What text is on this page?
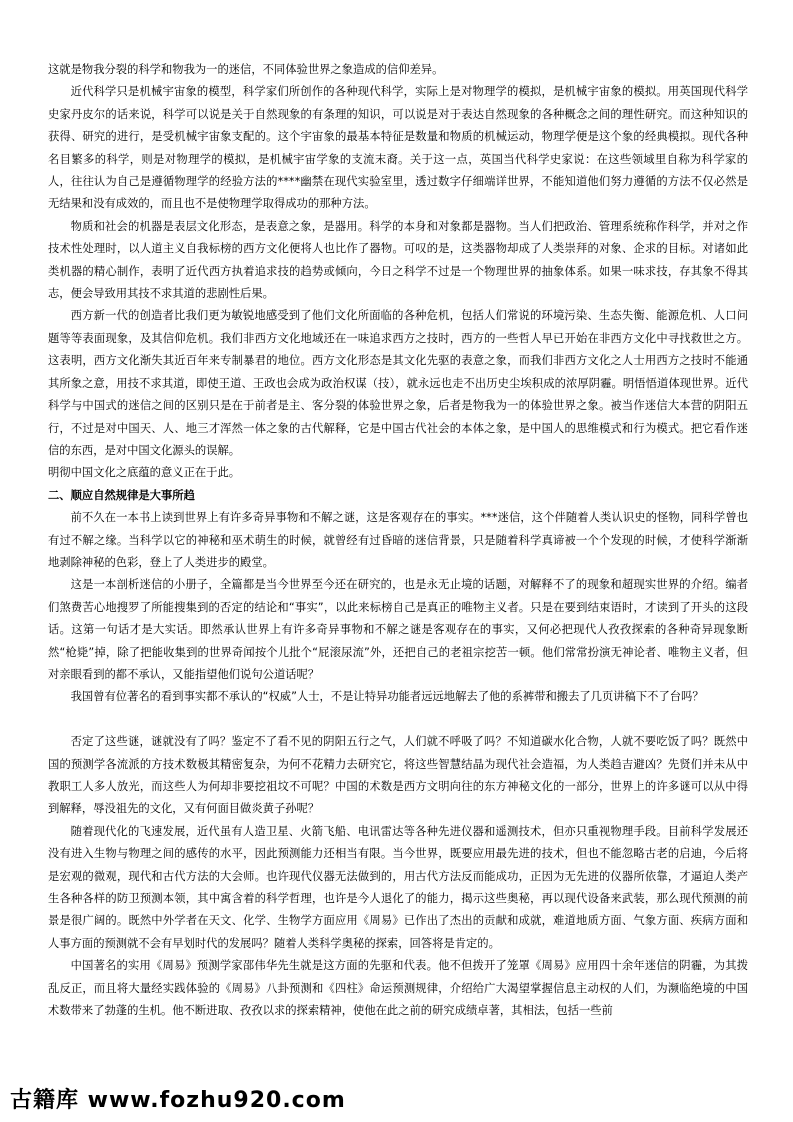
这就是物我分裂的科学和物我为一的迷信，不同体验世界之象造成的信仰差异。

近代科学只是机械宇宙象的模型，科学家们所创作的各种现代科学，实际上是对物理学的模拟，是机械宇宙象的模拟。用英国现代科学史家丹皮尔的话来说，科学可以说是关于自然现象的有条理的知识，可以说是对于表达自然现象的各种概念之间的理性研究。而这种知识的获得、研究的进行，是受机械宇宙象支配的。这个宇宙象的最基本特征是数量和物质的机械运动，物理学便是这个象的经典模拟。现代各种名目繁多的科学，则是对物理学的模拟，是机械宇宙学象的支流末裔。关于这一点，英国当代科学史家说：在这些领域里自称为科学家的人，往往认为自己是遵循物理学的经验方法的****幽禁在现代实验室里，透过数字仔细端详世界，不能知道他们努力遵循的方法不仅必然是无结果和没有成效的，而且也不是使物理学取得成功的那种方法。

物质和社会的机器是表层文化形态，是表意之象，是器用。科学的本身和对象都是器物。当人们把政治、管理系统称作科学，并对之作技术性处理时，以人道主义自我标榜的西方文化便将人也比作了器物。可叹的是，这类器物却成了人类崇拜的对象、企求的目标。对诸如此类机器的精心制作，表明了近代西方执着追求技的趋势或倾向，今日之科学不过是一个物理世界的抽象体系。如果一味求技，存其象不得其志，便会导致用其技不求其道的悲剧性后果。

西方新一代的创造者比我们更为敏锐地感受到了他们文化所面临的各种危机，包括人们常说的环境污染、生态失衡、能源危机、人口问题等等表面现象，及其信仰危机。我们非西方文化地域还在一味追求西方之技时，西方的一些哲人早已开始在非西方文化中寻找救世之方。这表明，西方文化渐失其近百年来专制暴君的地位。西方文化形态是其文化先驱的表意之象，而我们非西方文化之人士用西方之技时不能通其所象之意，用技不求其道，即使王道、王政也会成为政治权谋（技），就永远也走不出历史尘埃积成的浓厚阴霾。明悟悟道体现世界。近代科学与中国式的迷信之间的区别只是在于前者是主、客分裂的体验世界之象，后者是物我为一的体验世界之象。被当作迷信大本营的阴阳五行，不过是对中国天、人、地三才浑然一体之象的古代解释，它是中国古代社会的本体之象，是中国人的思维模式和行为模式。把它看作迷信的东西，是对中国文化源头的误解。

明彻中国文化之底蕴的意义正在于此。

二、顺应自然规律是大事所趋

前不久在一本书上读到世界上有许多奇异事物和不解之谜，这是客观存在的事实。***迷信，这个伴随着人类认识史的怪物，同科学曾也有过不解之缘。当科学以它的神秘和巫术萌生的时候，就曾经有过昏暗的迷信背景，只是随着科学真谛被一个个发现的时候，才使科学渐渐地剥除神秘的色彩，登上了人类进步的殿堂。

这是一本剖析迷信的小册子，全篇都是当今世界至今还在研究的，也是永无止境的话题，对解释不了的现象和超现实世界的介绍。编者们煞费苦心地搜罗了所能搜集到的否定的结论和“事实”，以此来标榜自己是真正的唯物主义者。只是在要到结束语时，才读到了开头的这段话。这第一句话才是大实话。即然承认世界上有许多奇异事物和不解之谜是客观存在的事实，又何必把现代人孜孜探索的各种奇异现象断然“枪毙”掉，除了把能收集到的世界奇闻按个儿批个“屁滚尿流”外，还把自己的老祖宗挖苦一顿。他们常常扮演无神论者、唯物主义者，但对亲眼看到的都不承认，又能指望他们说句公道话呢？

我国曾有位著名的看到事实都不承认的“权威”人士，不是让特异功能者远远地解去了他的系裤带和搬去了几页讲稿下不了台吗？

否定了这些谜，谜就没有了吗？鉴定不了看不见的阴阳五行之气，人们就不呼吸了吗？不知道碳水化合物，人就不要吃饭了吗？既然中国的预测学各流派的方技术数极其精密复杂，为何不花精力去研究它，将这些智慧结晶为现代社会造福，为人类趋吉避凶？先贤们并未从中教职工人多人放光，而这些人为何却非要挖祖坟不可呢？中国的术数是西方文明向往的东方神秘文化的一部分，世界上的许多谜可以从中得到解释，辱没祖先的文化，又有何面目做炎黄子孙呢？

随着现代化的飞速发展，近代虽有人造卫星、火箭飞船、电讯雷达等各种先进仪器和遥测技术，但亦只重视物理手段。目前科学发展还没有进入生物与物理之间的感传的水平，因此预测能力还相当有限。当今世界，既要应用最先进的技术，但也不能忽略古老的启迪，今后将是宏观的微观，现代和古代方法的大会师。也许现代仪器无法做到的，用古代方法反而能成功，正因为无先进的仪器所依靠，才逼迫人类产生各种各样的防卫预测本领，其中寓含着的科学哲理，也许是今人退化了的能力，揭示这些奥秘，再以现代设备来武装，那么现代预测的前景是很广阔的。既然中外学者在天文、化学、生物学方面应用《周易》已作出了杰出的贡献和成就，难道地质方面、气象方面、疾病方面和人事方面的预测就不会有早划时代的发展吗？随着人类科学奥秘的探索，回答将是肯定的。

中国著名的实用《周易》预测学家邵伟华先生就是这方面的先驱和代表。他不但拨开了笼罩《周易》应用四十余年迷信的阴霾，为其拨乱反正，而且将大量经实践体验的《周易》八卦预测和《四柱》命运预测规律，介绍给广大渴望掌握信息主动权的人们，为濒临绝境的中国术数带来了勃蓬的生机。他不断进取、孜孜以求的探索精神，使他在此之前的研究成绩卓著，其相法，包括一些前

古籍库 www.fozhu920.com
